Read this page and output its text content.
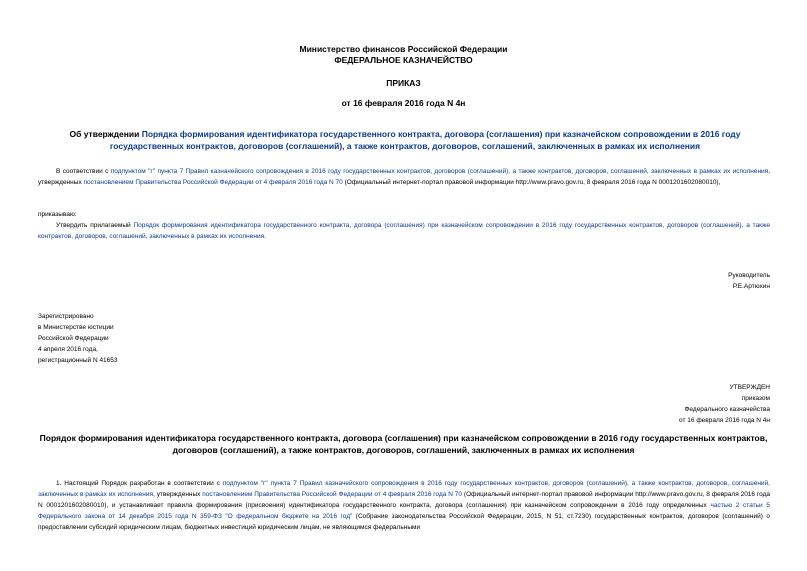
Министерство финансов Российской Федерации
ФЕДЕРАЛЬНОЕ КАЗНАЧЕЙСТВО
ПРИКАЗ
от 16 февраля 2016 года N 4н
Об утверждении Порядка формирования идентификатора государственного контракта, договора (соглашения) при казначейском сопровождении в 2016 году государственных контрактов, договоров (соглашений), а также контрактов, договоров, соглашений, заключенных в рамках их исполнения
В соответствии с подпунктом "г" пункта 7 Правил казначейского сопровождения в 2016 году государственных контрактов, договоров (соглашений), а также контрактов, договоров, соглашений, заключенных в рамках их исполнения, утвержденных постановлением Правительства Российской Федерации от 4 февраля 2016 года N 70 (Официальный интернет-портал правовой информации http://www.pravo.gov.ru, 8 февраля 2016 года N 0001201602080010),
приказываю:
Утвердить прилагаемый Порядок формирования идентификатора государственного контракта, договора (соглашения) при казначейском сопровождении в 2016 году государственных контрактов, договоров (соглашений), а также контрактов, договоров, соглашений, заключенных в рамках их исполнения.
Руководитель
Р.Е.Артюхин
Зарегистрировано
в Министерстве юстиции
Российской Федерации
4 апреля 2016 года,
регистрационный N 41653
УТВЕРЖДЕН
приказом
Федерального казначейства
от 16 февраля 2016 года N 4н
Порядок формирования идентификатора государственного контракта, договора (соглашения) при казначейском сопровождении в 2016 году государственных контрактов, договоров (соглашений), а также контрактов, договоров, соглашений, заключенных в рамках их исполнения
1. Настоящий Порядок разработан в соответствии с подпунктом "г" пункта 7 Правил казначейского сопровождения в 2016 году государственных контрактов, договоров (соглашений), а также контрактов, договоров, соглашений, заключенных в рамках их исполнения, утвержденных постановлением Правительства Российской Федерации от 4 февраля 2016 года N 70 (Официальный интернет-портал правовой информации http://www.pravo.gov.ru, 8 февраля 2016 года N 0001201602080010), и устанавливает правила формирования (присвоения) идентификатора государственного контракта, договора (соглашения) при казначейском сопровождении в 2016 году определенных частью 2 статьи 5 Федерального закона от 14 декабря 2015 года N 359-ФЗ "О федеральном бюджете на 2016 год" (Собрание законодательства Российской Федерации, 2015, N 51, ст.7230) государственных контрактов, договоров (соглашений) о предоставлении субсидий юридическим лицам, бюджетных инвестиций юридическим лицам, не являющимся федеральными
